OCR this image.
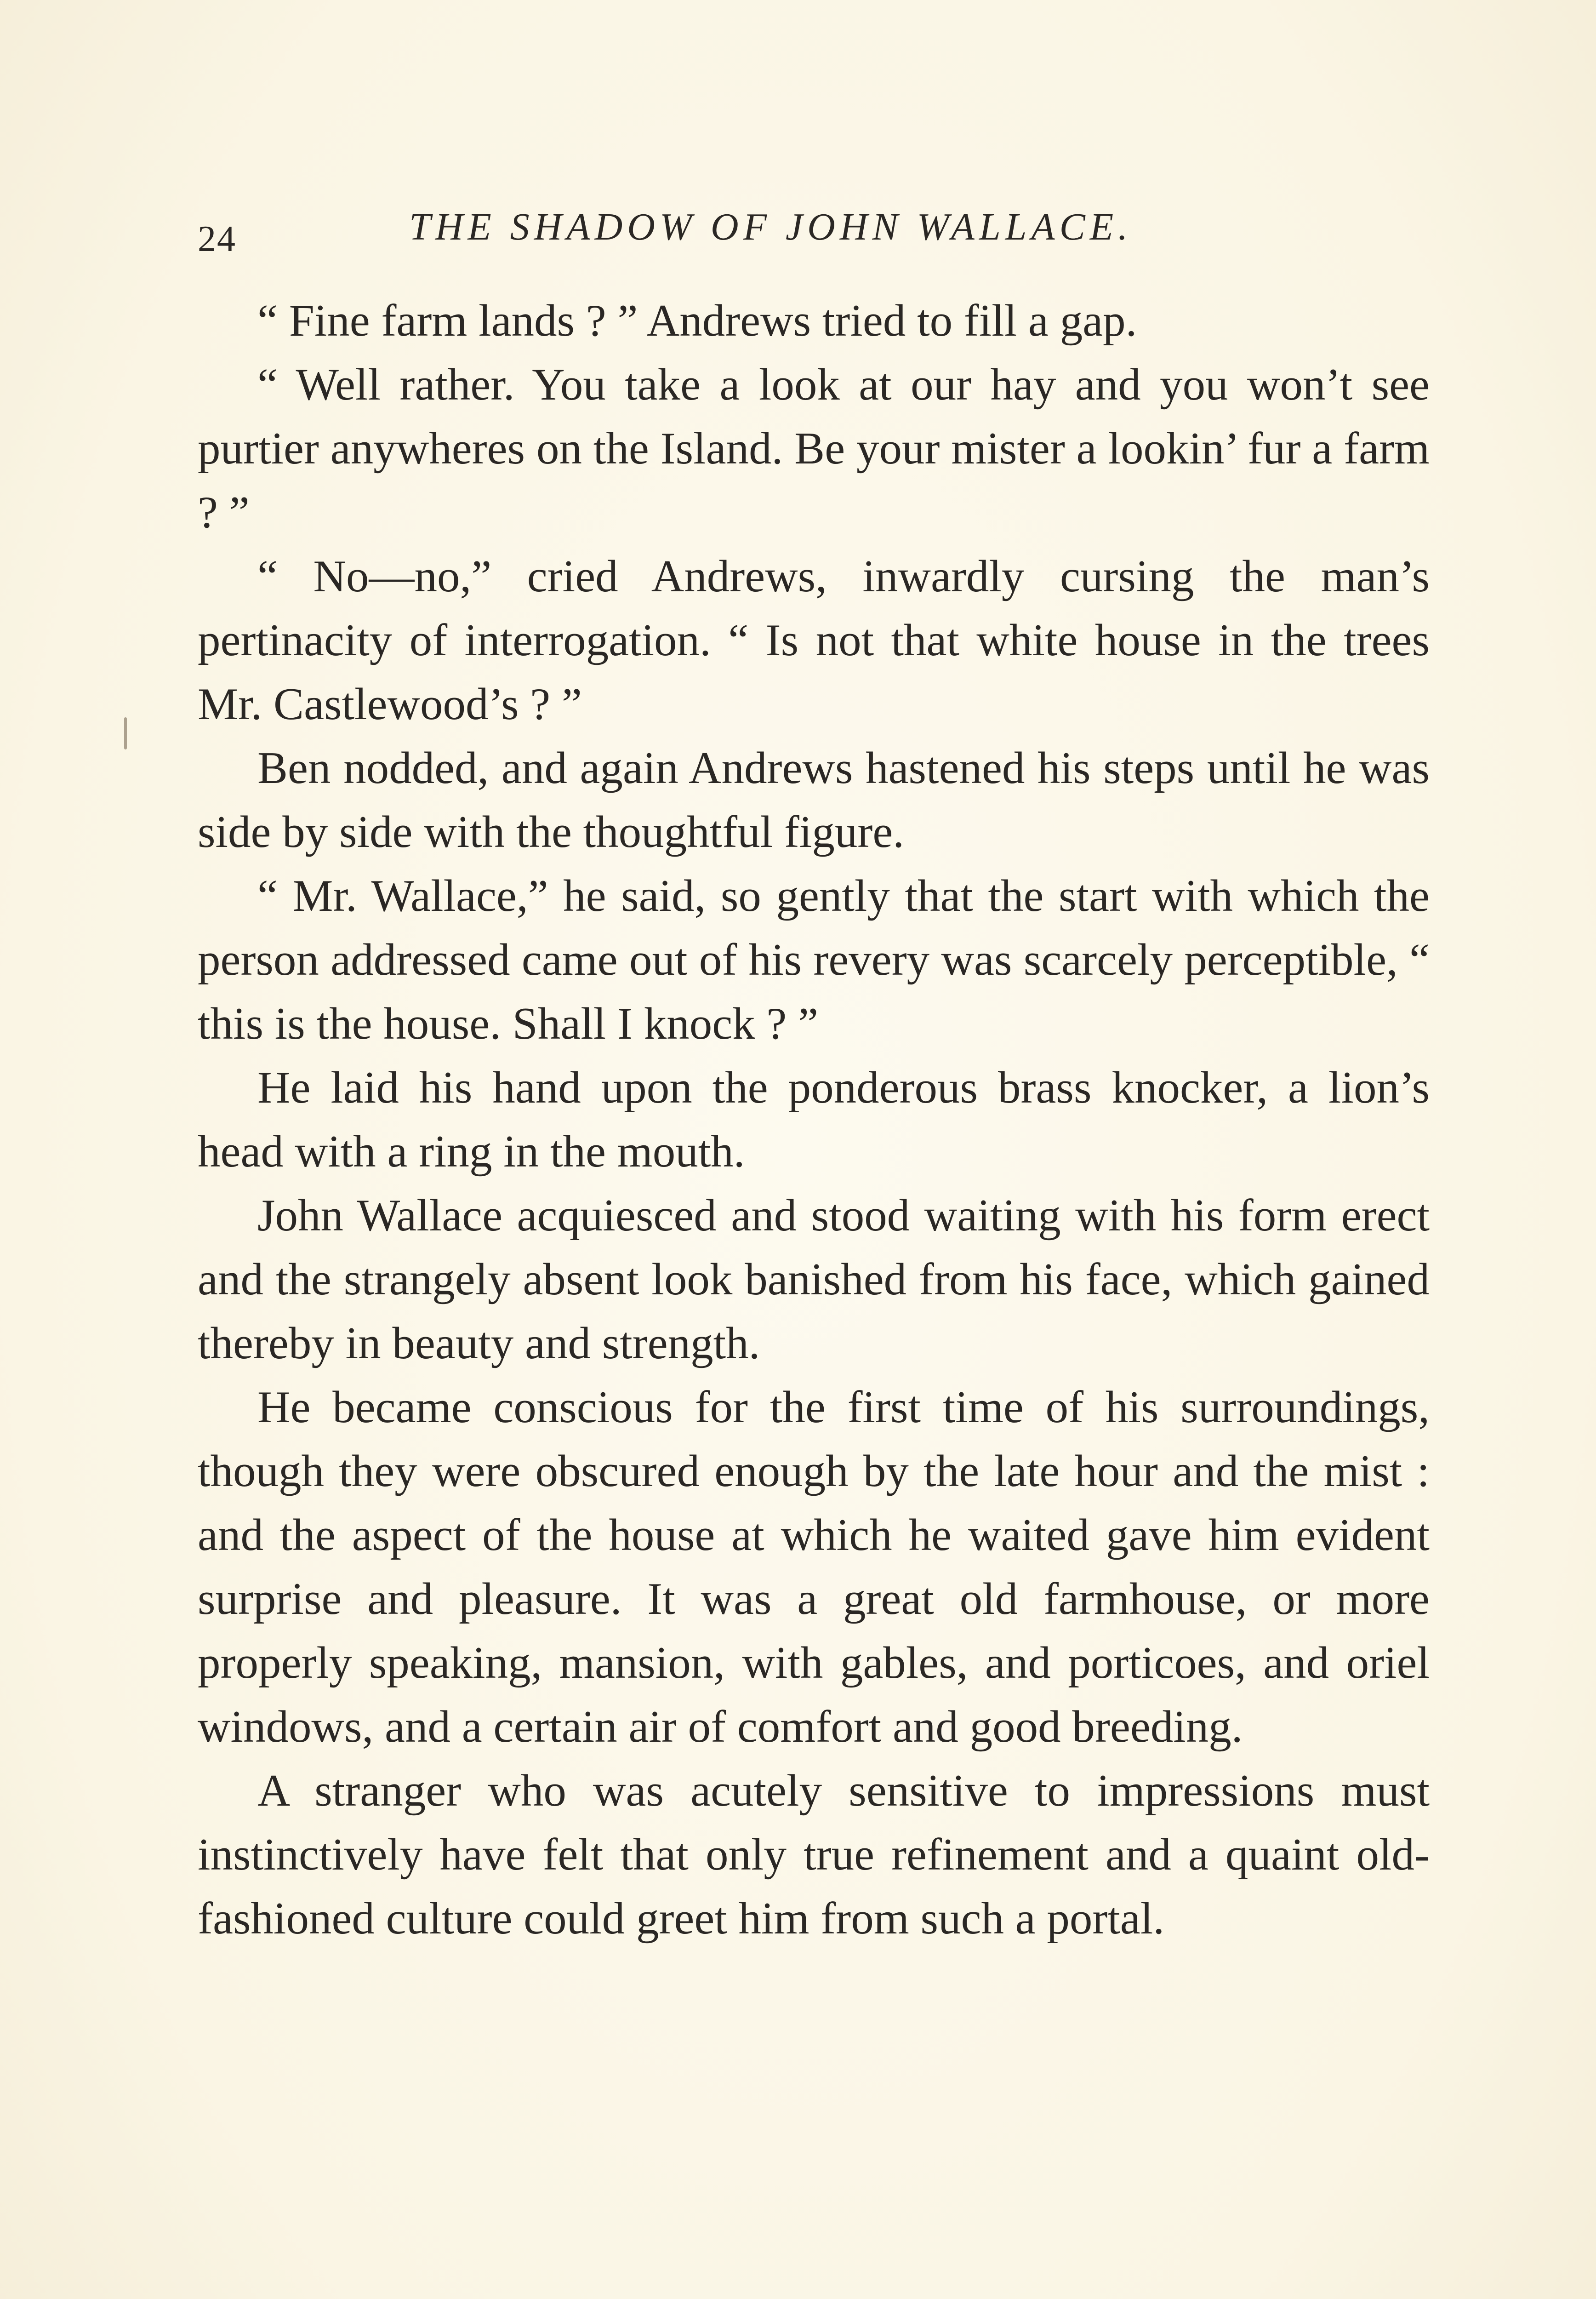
24	THE SHADOW OF JOHN WALLACE.

“ Fine farm lands ? ” Andrews tried to fill a gap.

“ Well rather. You take a look at our hay and you won’t see purtier anywheres on the Island. Be your mister a lookin’ fur a farm ? ”

“ No—no,” cried Andrews, inwardly cursing the man’s pertinacity of interrogation. “ Is not that white house in the trees Mr. Castlewood’s ? ”

Ben nodded, and again Andrews hastened his steps until he was side by side with the thoughtful figure.

“ Mr. Wallace,” he said, so gently that the start with which the person addressed came out of his revery was scarcely perceptible, “ this is the house. Shall I knock ? ”

He laid his hand upon the ponderous brass knocker, a lion’s head with a ring in the mouth.

John Wallace acquiesced and stood waiting with his form erect and the strangely absent look banished from his face, which gained thereby in beauty and strength.

He became conscious for the first time of his surroundings, though they were obscured enough by the late hour and the mist : and the aspect of the house at which he waited gave him evident surprise and pleasure. It was a great old farmhouse, or more properly speaking, mansion, with gables, and porticoes, and oriel windows, and a certain air of comfort and good breeding.

A stranger who was acutely sensitive to impressions must instinctively have felt that only true refinement and a quaint old-fashioned culture could greet him from such a portal.
